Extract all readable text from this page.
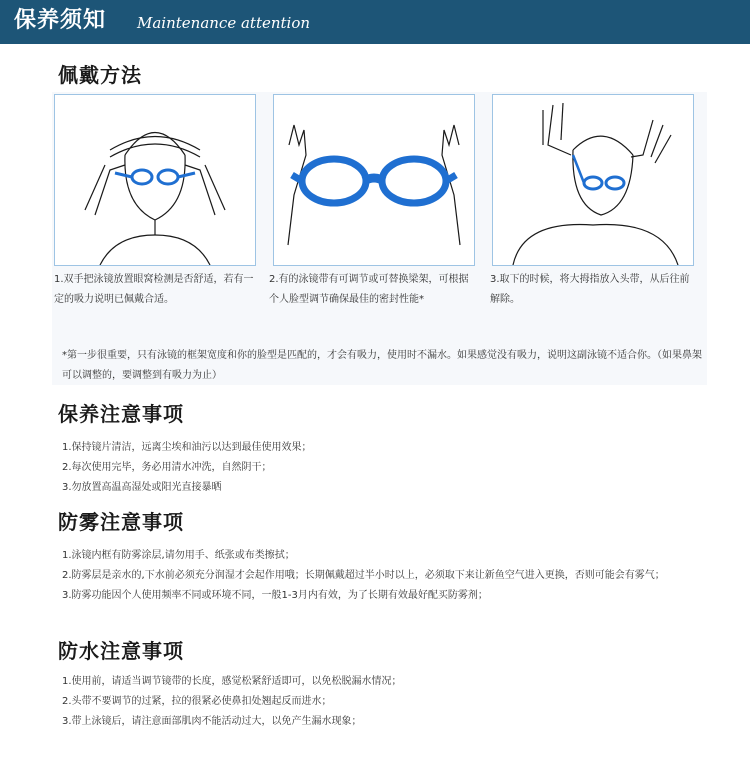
保养须知 Maintenance attention
佩戴方法
1.双手把泳镜放置眼窝检测是否舒适，若有一定的吸力说明已佩戴合适。
2.有的泳镜带有可调节或可替换梁架，可根据个人脸型调节确保最佳的密封性能*
3.取下的时候，将大拇指放入头带，从后往前解除。
*第一步很重要，只有泳镜的框架宽度和你的脸型是匹配的，才会有吸力，使用时不漏水。如果感觉没有吸力，说明这副泳镜不适合你。（如果鼻架可以调整的，要调整到有吸力为止）
保养注意事项
1.保持镜片清洁，远离尘埃和油污以达到最佳使用效果；
2.每次使用完毕，务必用清水冲洗，自然阴干；
3.勿放置高温高湿处或阳光直接暴晒
防雾注意事项
1.泳镜内框有防雾涂层,请勿用手、纸张或布类擦拭；
2.防雾层是亲水的,下水前必须充分润湿才会起作用哦；长期佩戴超过半小时以上，必须取下来让新鱼空气进入更换，否则可能会有雾气；
3.防雾功能因个人使用频率不同或环境不同，一般1-3月内有效，为了长期有效最好配买防雾剂；
防水注意事项
1.使用前，请适当调节镜带的长度，感觉松紧舒适即可，以免松脱漏水情况；
2.头带不要调节的过紧，拉的很紧必使鼻扣处翘起反而进水；
3.带上泳镜后，请注意面部肌肉不能活动过大，以免产生漏水现象；
